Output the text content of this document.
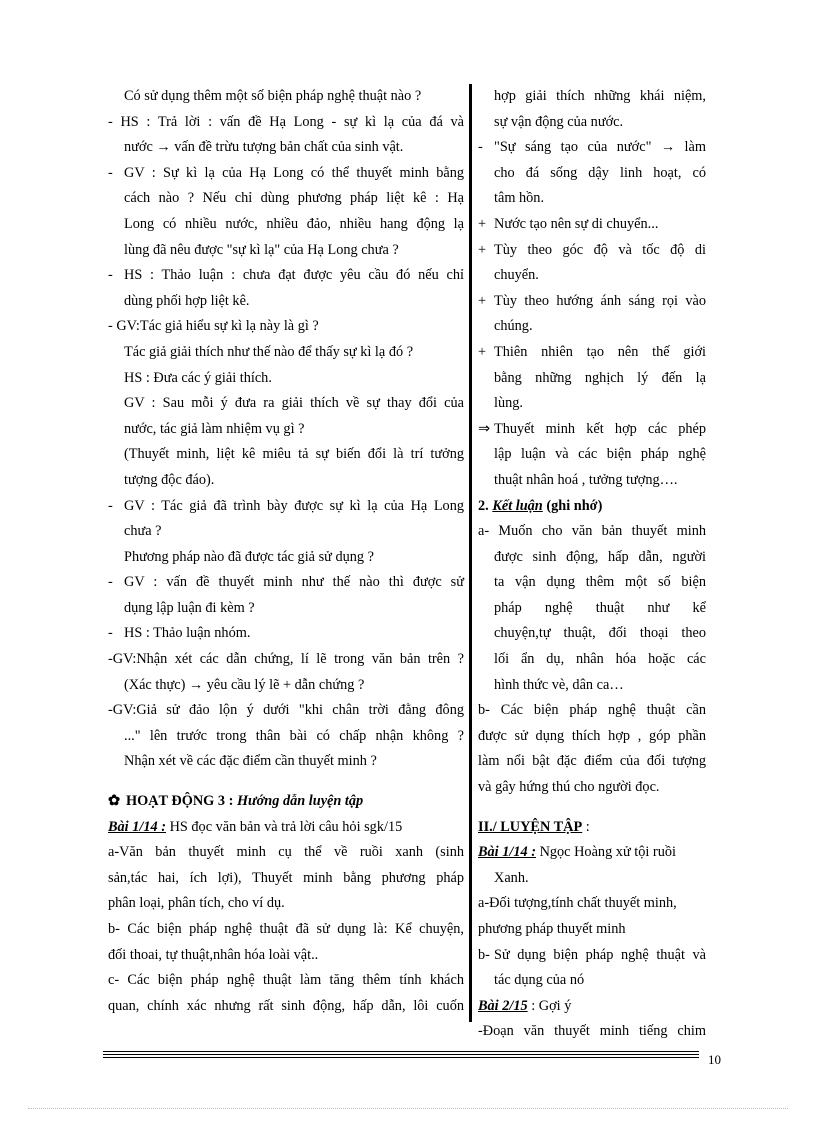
Có sử dụng thêm một số biện pháp nghệ thuật nào ?
- HS : Trả lời : vấn đề Hạ Long - sự kì lạ của đá và
nước → vấn đề trừu tượng bản chất của sinh vật.
- GV : Sự kì lạ của Hạ Long có thể thuyết minh bằng
cách nào ? Nếu chỉ dùng phương pháp liệt kê : Hạ
Long có nhiều nước, nhiều đảo, nhiều hang động lạ
lùng đã nêu được "sự kì lạ" của Hạ Long chưa ?
- HS : Thảo luận : chưa đạt được yêu cầu đó nếu chỉ
dùng phối hợp liệt kê.
- GV:Tác giả hiểu sự kì lạ này là gì ?
Tác giả giải thích như thế nào để thấy sự kì lạ đó ?
HS : Đưa các ý giải thích.
GV : Sau mỗi ý đưa ra giải thích về sự thay đổi của
nước, tác giả làm nhiệm vụ gì ?
(Thuyết minh, liệt kê miêu tả sự biến đổi là trí tưởng
tượng độc đáo).
- GV : Tác giả đã trình bày được sự kì lạ của Hạ Long
chưa ?
Phương pháp nào đã được tác giả sử dụng ?
- GV : vấn đề thuyết minh như thế nào thì được sử
dụng lập luận đi kèm ?
- HS : Thảo luận nhóm.
-GV:Nhận xét các dẫn chứng, lí lẽ trong văn bản trên ?
(Xác thực) → yêu cầu lý lẽ + dẫn chứng ?
-GV:Giả sử đảo lộn ý dưới "khi chân trời đằng đông
..." lên trước trong thân bài có chấp nhận không ?
Nhận xét về các đặc điểm cần thuyết minh ?
✿ HOẠT ĐỘNG 3 : Hướng dẫn luyện tập
Bài 1/14 : HS đọc văn bản và trả lời câu hỏi sgk/15
a-Văn bản thuyết minh cụ thể về ruồi xanh (sinh
sản,tác hai, ích lợi), Thuyết minh bằng phương pháp
phân loại, phân tích, cho ví dụ.
b- Các biện pháp nghệ thuật đã sử dụng là: Kể chuyện,
đối thoai, tự thuật,nhân hóa loài vật..
c- Các biện pháp nghệ thuật làm tăng thêm tính khách
quan, chính xác nhưng rất sinh động, hấp dẫn, lôi cuốn
hợp giải thích những khái niệm,
sự vận động của nước.
- "Sự sáng tạo của nước" → làm
cho đá sống dậy linh hoạt, có
tâm hồn.
+ Nước tạo nên sự di chuyển...
+ Tùy theo góc độ và tốc độ di
chuyển.
+ Tùy theo hướng ánh sáng rọi vào
chúng.
+ Thiên nhiên tạo nên thế giới
bằng những nghịch lý đến lạ
lùng.
⇒ Thuyết minh kết hợp các phép
lập luận và các biện pháp nghệ
thuật nhân hoá , tưởng tượng….
2. Kết luận (ghi nhớ)
a- Muốn cho văn bản thuyết minh
được sinh động, hấp dẫn, người
ta vận dụng thêm một số biện
pháp nghệ thuật như kể
chuyện,tự thuật, đối thoại theo
lối ẩn dụ, nhân hóa hoặc các
hình thức vè, dân ca…
b- Các biện pháp nghệ thuật cần
được sử dụng thích hợp , góp phần
làm nổi bật đặc điểm của đối tượng
và gây hứng thú cho người đọc.
II./ LUYỆN TẬP :
Bài 1/14 : Ngọc Hoàng xử tội ruồi
Xanh.
a-Đối tượng,tính chất thuyết minh,
phương pháp thuyết minh
b- Sử dụng biện pháp nghệ thuật và
tác dụng của nó
Bài 2/15 : Gợi ý
-Đoạn văn thuyết minh tiếng chim
10
